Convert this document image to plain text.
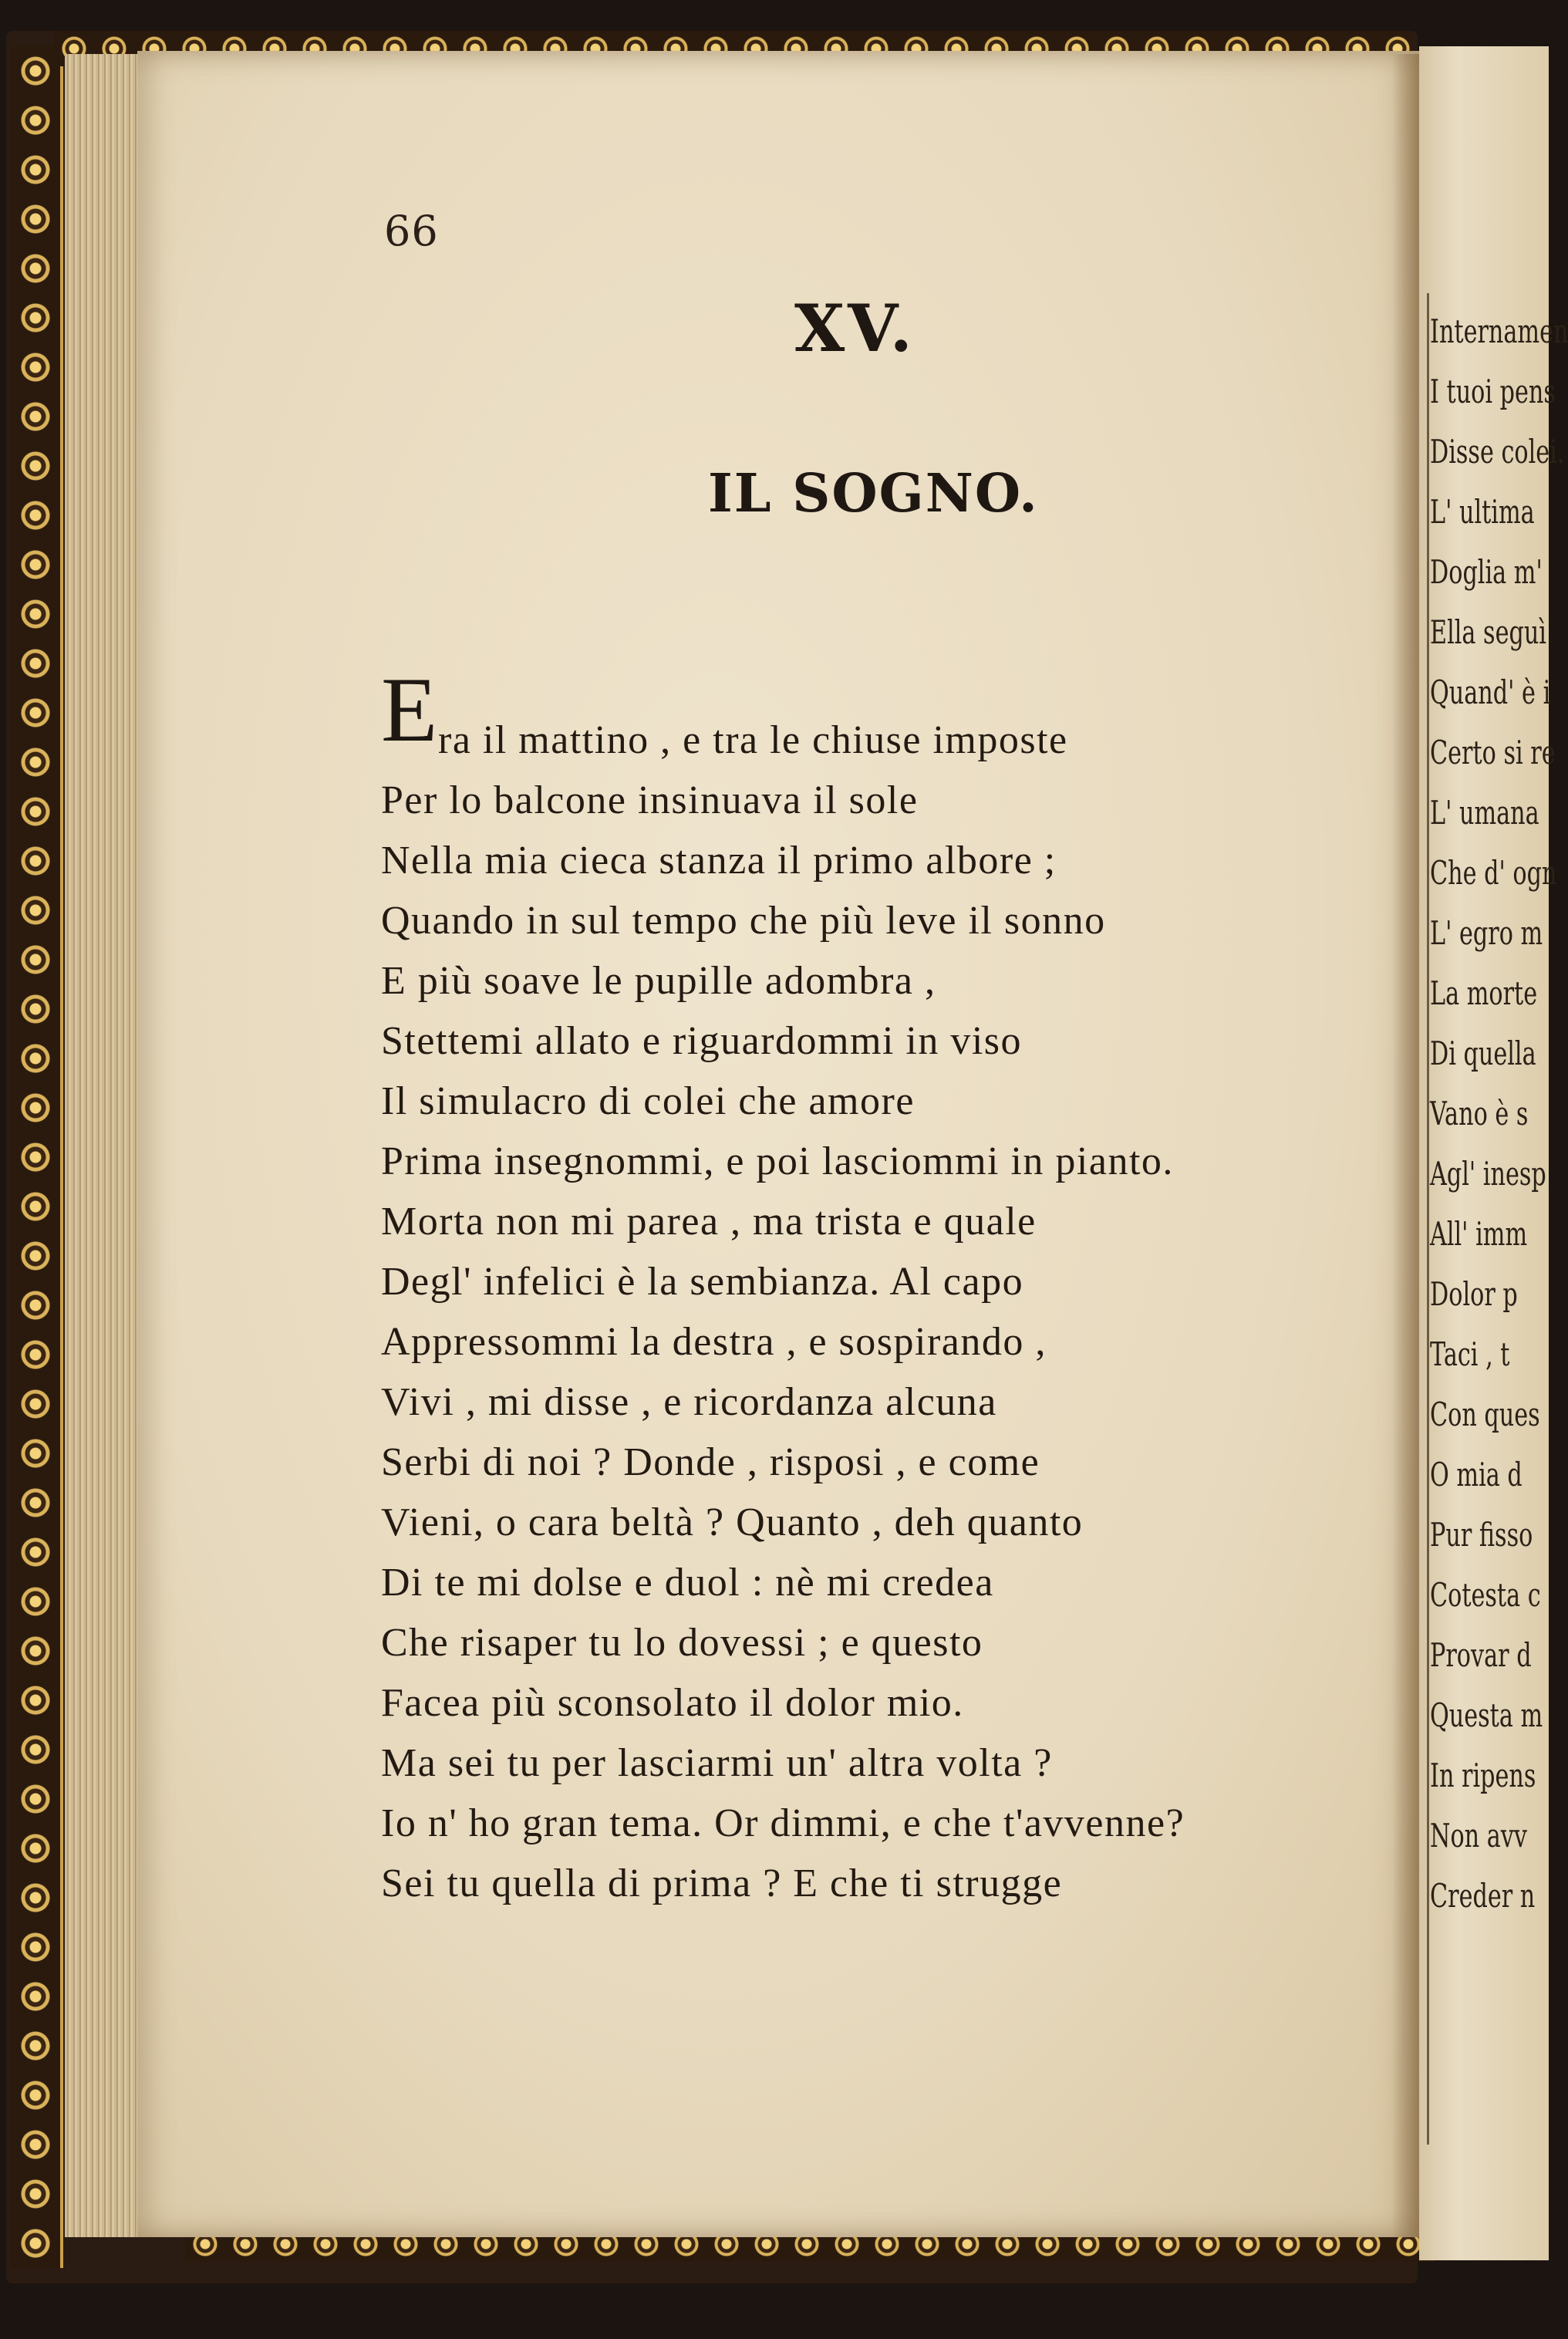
66
XV.
IL SOGNO.
E ra il mattino , e tra le chiuse imposte
Per lo balcone insinuava il sole
Nella mia cieca stanza il primo albore ;
Quando in sul tempo che più leve il sonno
E più soave le pupille adombra ,
Stettemi allato e riguardommi in viso
Il simulacro di colei che amore
Prima insegnommi, e poi lasciommi in pianto.
Morta non mi parea , ma trista e quale
Degl' infelici è la sembianza. Al capo
Appressommi la destra , e sospirando ,
Vivi , mi disse , e ricordanza alcuna
Serbi di noi ? Donde , risposi , e come
Vieni, o cara beltà ? Quanto , deh quanto
Di te mi dolse e duol : nè mi credea
Che risaper tu lo dovessi ; e questo
Facea più sconsolato il dolor mio.
Ma sei tu per lasciarmi un' altra volta ?
Io n' ho gran tema. Or dimmi, e che t'avvenne?
Sei tu quella di prima ? E che ti strugge
Internamen
I tuoi pens
Disse colei.
L' ultima
Doglia m'
Ella seguì
Quand' è i
Certo si re
L' umana
Che d' ogn
L' egro m
La morte
Di quella
Vano è s
Agl' inesp
All' imm
Dolor p
Taci , t
Con ques
O mia d
Pur fisso
Cotesta c
Provar d
Questa m
In ripens
Non avv
Creder n
